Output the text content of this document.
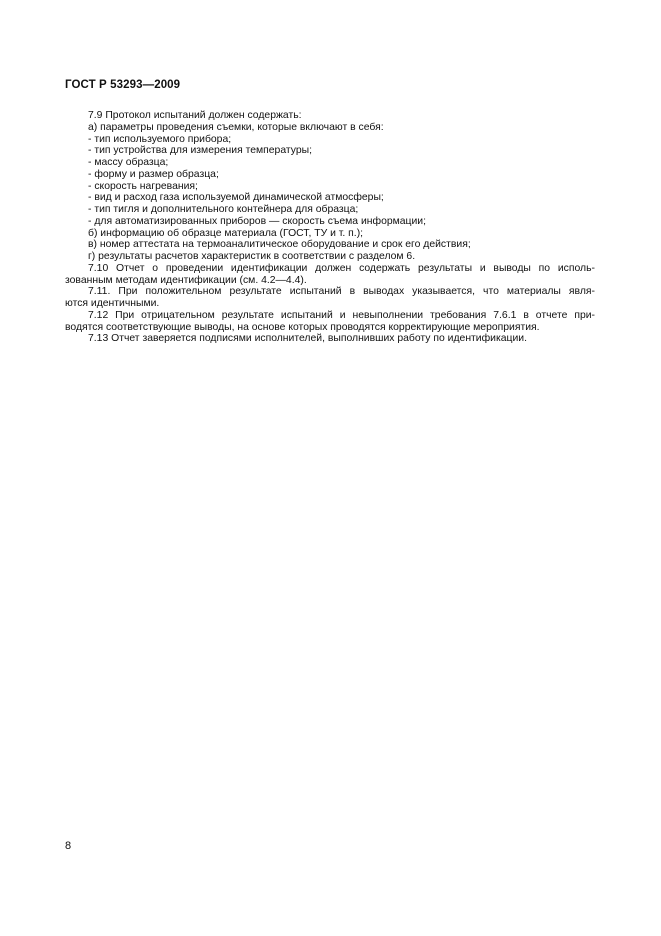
ГОСТ Р 53293—2009

7.9 Протокол испытаний должен содержать:

а) параметры проведения съемки, которые включают в себя:

- тип используемого прибора;

- тип устройства для измерения температуры;

- массу образца;

- форму и размер образца;

- скорость нагревания;

- вид и расход газа используемой динамической атмосферы;

- тип тигля и дополнительного контейнера для образца;

- для автоматизированных приборов — скорость съема информации;

б) информацию об образце материала (ГОСТ, ТУ и т. п.);

в) номер аттестата на термоаналитическое оборудование и срок его действия;

г) результаты расчетов характеристик в соответствии с разделом 6.

7.10 Отчет о проведении идентификации должен содержать результаты и выводы по исполь-

зованным методам идентификации (см. 4.2—4.4).

7.11. При положительном результате испытаний в выводах указывается, что материалы явля-

ются идентичными.

7.12 При отрицательном результате испытаний и невыполнении требования 7.6.1 в отчете при-

водятся соответствующие выводы, на основе которых проводятся корректирующие мероприятия.

7.13 Отчет заверяется подписями исполнителей, выполнивших работу по идентификации.

8
